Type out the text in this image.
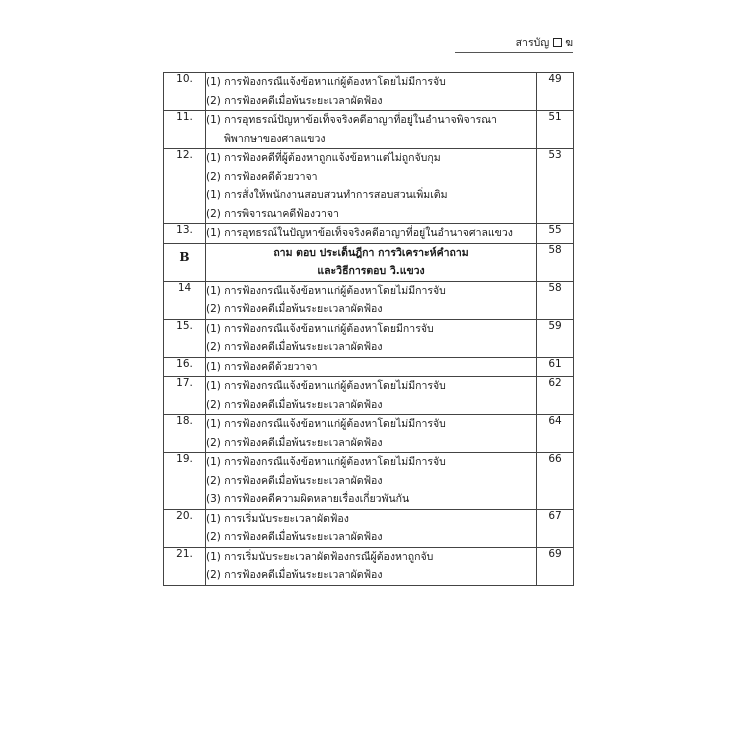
สารบัญ ฆ
10.	(1) การฟ้องกรณีแจ้งข้อหาแก่ผู้ต้องหาโดยไม่มีการจับ
(2) การฟ้องคดีเมื่อพ้นระยะเวลาผัดฟ้อง	49
11.	(1) การอุทธรณ์ปัญหาข้อเท็จจริงคดีอาญาที่อยู่ในอำนาจพิจารณา
พิพากษาของศาลแขวง	51
12.	(1) การฟ้องคดีที่ผู้ต้องหาถูกแจ้งข้อหาแต่ไม่ถูกจับกุม
(2) การฟ้องคดีด้วยวาจา
(1) การสั่งให้พนักงานสอบสวนทำการสอบสวนเพิ่มเติม
(2) การพิจารณาคดีฟ้องวาจา	53
13.	(1) การอุทธรณ์ในปัญหาข้อเท็จจริงคดีอาญาที่อยู่ในอำนาจศาลแขวง	55
B	ถาม ตอบ ประเด็นฎีกา การวิเคราะห์คำถาม
และวิธีการตอบ วิ.แขวง	58
14	(1) การฟ้องกรณีแจ้งข้อหาแก่ผู้ต้องหาโดยไม่มีการจับ
(2) การฟ้องคดีเมื่อพ้นระยะเวลาผัดฟ้อง	58
15.	(1) การฟ้องกรณีแจ้งข้อหาแก่ผู้ต้องหาโดยมีการจับ
(2) การฟ้องคดีเมื่อพ้นระยะเวลาผัดฟ้อง	59
16.	(1) การฟ้องคดีด้วยวาจา	61
17.	(1) การฟ้องกรณีแจ้งข้อหาแก่ผู้ต้องหาโดยไม่มีการจับ
(2) การฟ้องคดีเมื่อพ้นระยะเวลาผัดฟ้อง	62
18.	(1) การฟ้องกรณีแจ้งข้อหาแก่ผู้ต้องหาโดยไม่มีการจับ
(2) การฟ้องคดีเมื่อพ้นระยะเวลาผัดฟ้อง	64
19.	(1) การฟ้องกรณีแจ้งข้อหาแก่ผู้ต้องหาโดยไม่มีการจับ
(2) การฟ้องคดีเมื่อพ้นระยะเวลาผัดฟ้อง
(3) การฟ้องคดีความผิดหลายเรื่องเกี่ยวพันกัน	66
20.	(1) การเริ่มนับระยะเวลาผัดฟ้อง
(2) การฟ้องคดีเมื่อพ้นระยะเวลาผัดฟ้อง	67
21.	(1) การเริ่มนับระยะเวลาผัดฟ้องกรณีผู้ต้องหาถูกจับ
(2) การฟ้องคดีเมื่อพ้นระยะเวลาผัดฟ้อง	69
